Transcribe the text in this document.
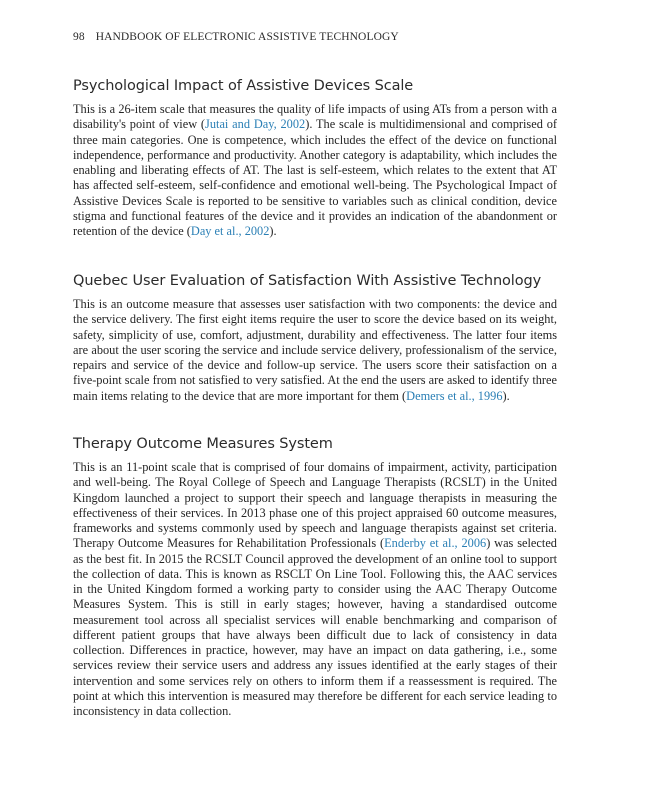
98 HANDBOOK OF ELECTRONIC ASSISTIVE TECHNOLOGY
Psychological Impact of Assistive Devices Scale

This is a 26-item scale that measures the quality of life impacts of using ATs from a person with a disability's point of view (Jutai and Day, 2002). The scale is multidimensional and comprised of three main categories. One is competence, which includes the effect of the device on functional independence, performance and productivity. Another category is adaptability, which includes the enabling and liberating effects of AT. The last is self-esteem, which relates to the extent that AT has affected self-esteem, self-confidence and emotional well-being. The Psychological Impact of Assistive Devices Scale is reported to be sensitive to variables such as clinical condition, device stigma and functional features of the device and it provides an indication of the abandonment or retention of the device (Day et al., 2002).

Quebec User Evaluation of Satisfaction With Assistive Technology

This is an outcome measure that assesses user satisfaction with two components: the device and the service delivery. The first eight items require the user to score the device based on its weight, safety, simplicity of use, comfort, adjustment, durability and effectiveness. The latter four items are about the user scoring the service and include service delivery, professionalism of the service, repairs and service of the device and follow-up service. The users score their satisfaction on a five-point scale from not satisfied to very satisfied. At the end the users are asked to identify three main items relating to the device that are more important for them (Demers et al., 1996).

Therapy Outcome Measures System

This is an 11-point scale that is comprised of four domains of impairment, activity, participation and well-being. The Royal College of Speech and Language Therapists (RCSLT) in the United Kingdom launched a project to support their speech and language therapists in measuring the effectiveness of their services. In 2013 phase one of this project appraised 60 outcome measures, frameworks and systems commonly used by speech and language therapists against set criteria. Therapy Outcome Measures for Rehabilitation Professionals (Enderby et al., 2006) was selected as the best fit. In 2015 the RCSLT Council approved the development of an online tool to support the collection of data. This is known as RSCLT On Line Tool. Following this, the AAC services in the United Kingdom formed a working party to consider using the AAC Therapy Outcome Measures System. This is still in early stages; however, having a standardised outcome measurement tool across all specialist services will enable benchmarking and comparison of different patient groups that have always been difficult due to lack of consistency in data collection. Differences in practice, however, may have an impact on data gathering, i.e., some services review their service users and address any issues identified at the early stages of their intervention and some services rely on others to inform them if a reassessment is required. The point at which this intervention is measured may therefore be different for each service leading to inconsistency in data collection.
